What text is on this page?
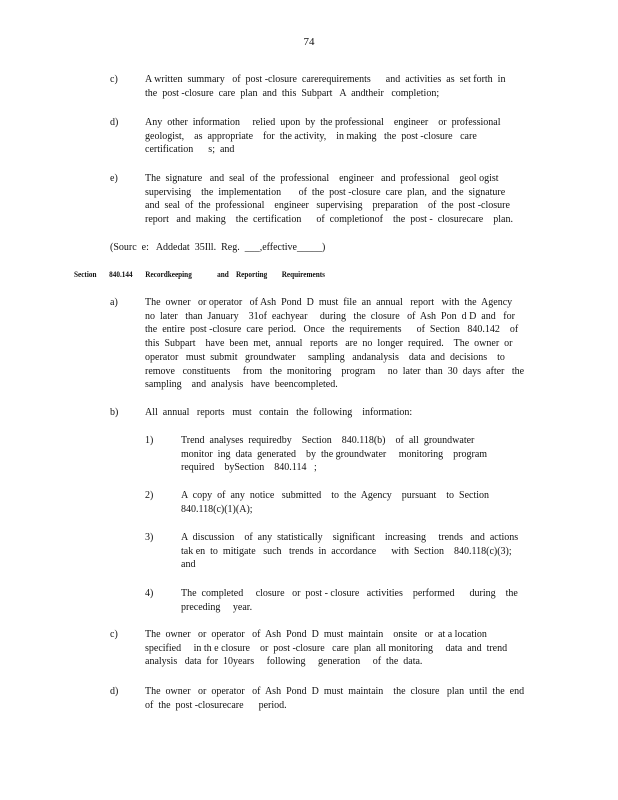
74
c)	A written  summary   of  post -closure  carerequirements      and  activities  as  set forth  in
the  post -closure  care  plan  and  this  Subpart   A  andtheir   completion;
d)	Any  other  information     relied  upon  by  the professional    engineer    or  professional
geologist,    as  appropriate    for  the activity,    in making   the  post -closure   care
certification      s;  and
e)	The  signature   and  seal  of  the  professional    engineer   and  professional    geol ogist
supervising    the  implementation       of  the  post -closure  care  plan,  and  the  signature
and  seal  of  the  professional    engineer   supervising    preparation    of  the  post -closure
report   and  making    the  certification      of  completionof    the  post -  closurecare    plan.
(Sourc  e:   Addedat  35Ill.  Reg.  ___,effective_____)
Section       840.144       Recordkeeping              and    Reporting        Requirements
a)	The  owner   or operator   of Ash  Pond  D  must  file  an  annual   report   with  the  Agency
no  later   than  January    31of  eachyear     during   the  closure   of  Ash  Pon  d D  and   for
the  entire  post -closure  care  period.   Once   the  requirements      of  Section   840.142    of
this  Subpart    have  been  met,  annual   reports   are  no  longer  required.    The  owner  or
operator   must  submit   groundwater     sampling   andanalysis    data  and  decisions    to
remove   constituents     from   the  monitoring    program     no  later  than  30  days  after   the
sampling    and  analysis   have  beencompleted.
b)	All  annual   reports   must   contain   the  following    information:
1)	Trend  analyses  requiredby    Section    840.118(b)    of  all  groundwater
monitor  ing  data  generated    by  the groundwater     monitoring    program
required    bySection    840.114   ;
2)	A  copy  of  any  notice   submitted    to  the  Agency    pursuant    to  Section
840.118(c)(1)(A);
3)	A  discussion    of  any  statistically    significant    increasing     trends   and  actions
tak en  to  mitigate   such   trends  in  accordance      with  Section    840.118(c)(3);
and
4)	The  completed     closure   or  post - closure   activities    performed      during    the
preceding     year.
c)	The  owner   or  operator   of  Ash  Pond  D  must  maintain    onsite   or  at a location
specified     in th e closure    or  post -closure   care  plan  all monitoring     data  and  trend
analysis   data  for  10years     following     generation     of  the  data.
d)	The  owner   or  operator   of  Ash  Pond  D  must  maintain    the  closure   plan  until  the  end
of  the  post -closurecare      period.
